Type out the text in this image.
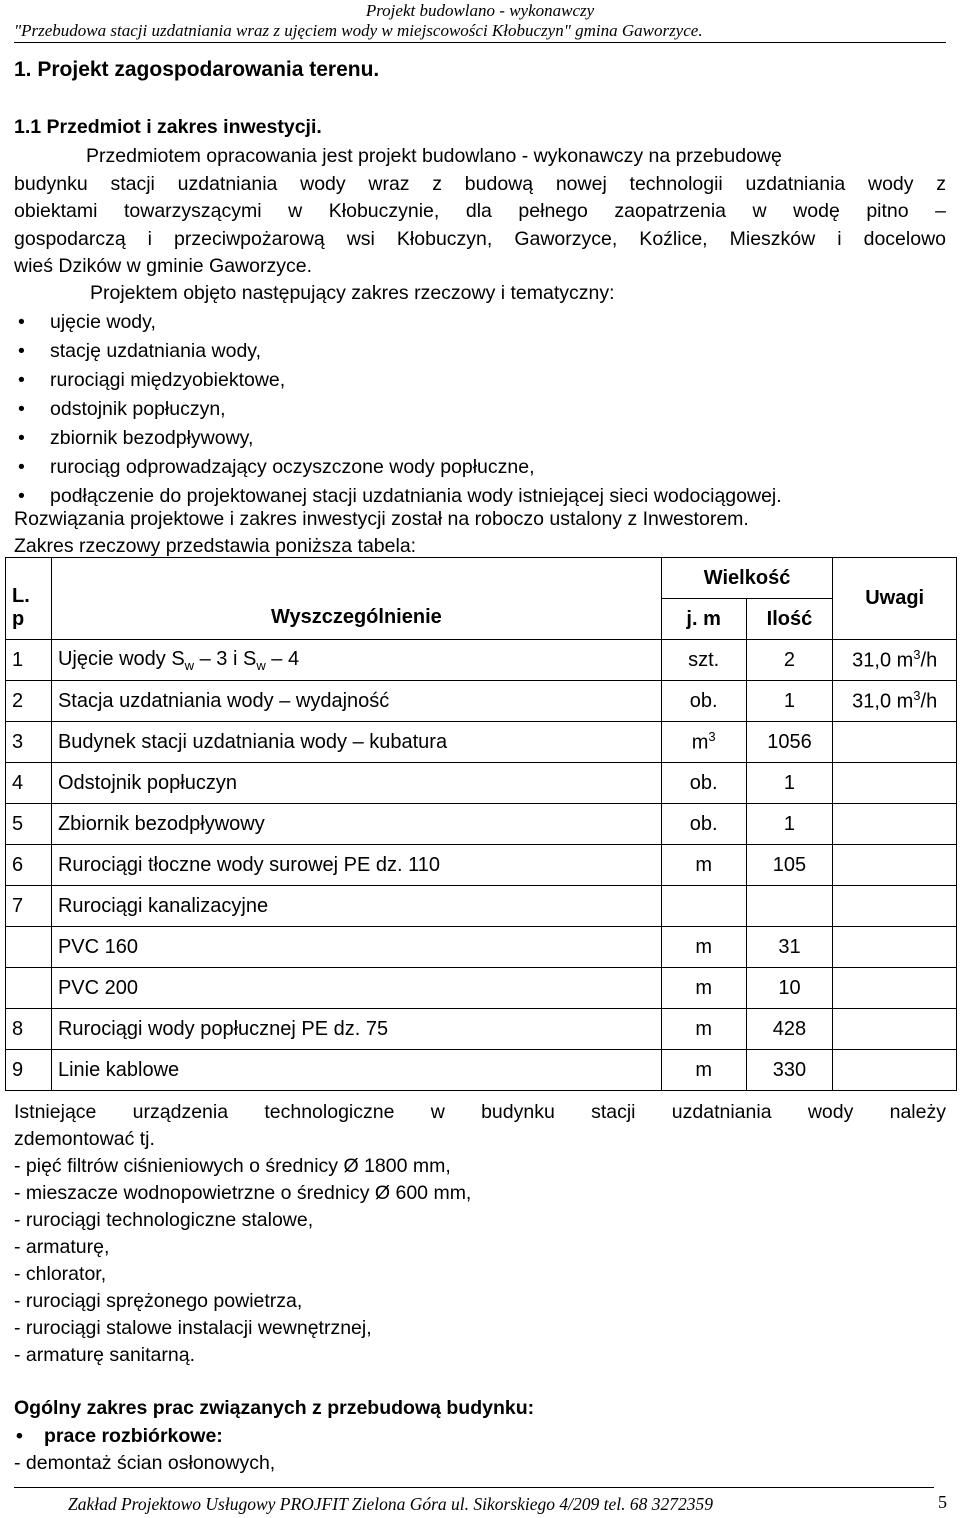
Projekt budowlano - wykonawczy
"Przebudowa stacji uzdatniania wraz z ujęciem wody w miejscowości Kłobuczyn" gmina Gaworzyce.
1. Projekt zagospodarowania terenu.
1.1 Przedmiot i zakres inwestycji.
Przedmiotem opracowania jest projekt budowlano - wykonawczy na przebudowę
budynku stacji uzdatniania wody wraz z budową nowej technologii uzdatniania wody z
obiektami towarzyszącymi w Kłobuczynie, dla pełnego zaopatrzenia w wodę pitno –
gospodarczą i przeciwpożarową wsi Kłobuczyn, Gaworzyce, Koźlice, Mieszków i docelowo
wieś Dzików w gminie Gaworzyce.
Projektem objęto następujący zakres rzeczowy i tematyczny:
• ujęcie wody,
• stację uzdatniania wody,
• rurociągi międzyobiektowe,
• odstojnik popłuczyn,
• zbiornik bezodpływowy,
• rurociąg odprowadzający oczyszczone wody popłuczne,
• podłączenie do projektowanej stacji uzdatniania wody istniejącej sieci wodociągowej.
Rozwiązania projektowe i zakres inwestycji został na roboczo ustalony z Inwestorem.
Zakres rzeczowy przedstawia poniższa tabela:
L. p	Wyszczególnienie	Wielkość		Uwagi
		j. m	Ilość	
1	Ujęcie wody $S_w - 3$ i $S_w - 4$	szt.	2	31,0 $m^3/h$
2	Stacja uzdatniania wody – wydajność	ob.	1	31,0 $m^3/h$
3	Budynek stacji uzdatniania wody – kubatura	$m^3$	1056	
4	Odstojnik popłuczyn	ob.	1	
5	Zbiornik bezodpływowy	ob.	1	
6	Rurociągi tłoczne wody surowej PE dz. 110	m	105	
7	Rurociągi kanalizacyjne			
	PVC 160	m	31	
	PVC 200	m	10	
8	Rurociągi wody popłucznej PE dz. 75	m	428	
9	Linie kablowe	m	330	
Istniejące urządzenia technologiczne w budynku stacji uzdatniania wody należy
zdemontować tj.
- pięć filtrów ciśnieniowych o średnicy Ø 1800 mm,
- mieszacze wodnopowietrzne o średnicy Ø 600 mm,
- rurociągi technologiczne stalowe,
- armaturę,
- chlorator,
- rurociągi sprężonego powietrza,
- rurociągi stalowe instalacji wewnętrznej,
- armaturę sanitarną.
Ogólny zakres prac związanych z przebudową budynku:
• prace rozbiórkowe:
- demontaż ścian osłonowych,
Zakład Projektowo Usługowy PROJFIT Zielona Góra ul. Sikorskiego 4/209 tel. 68 3272359	5
